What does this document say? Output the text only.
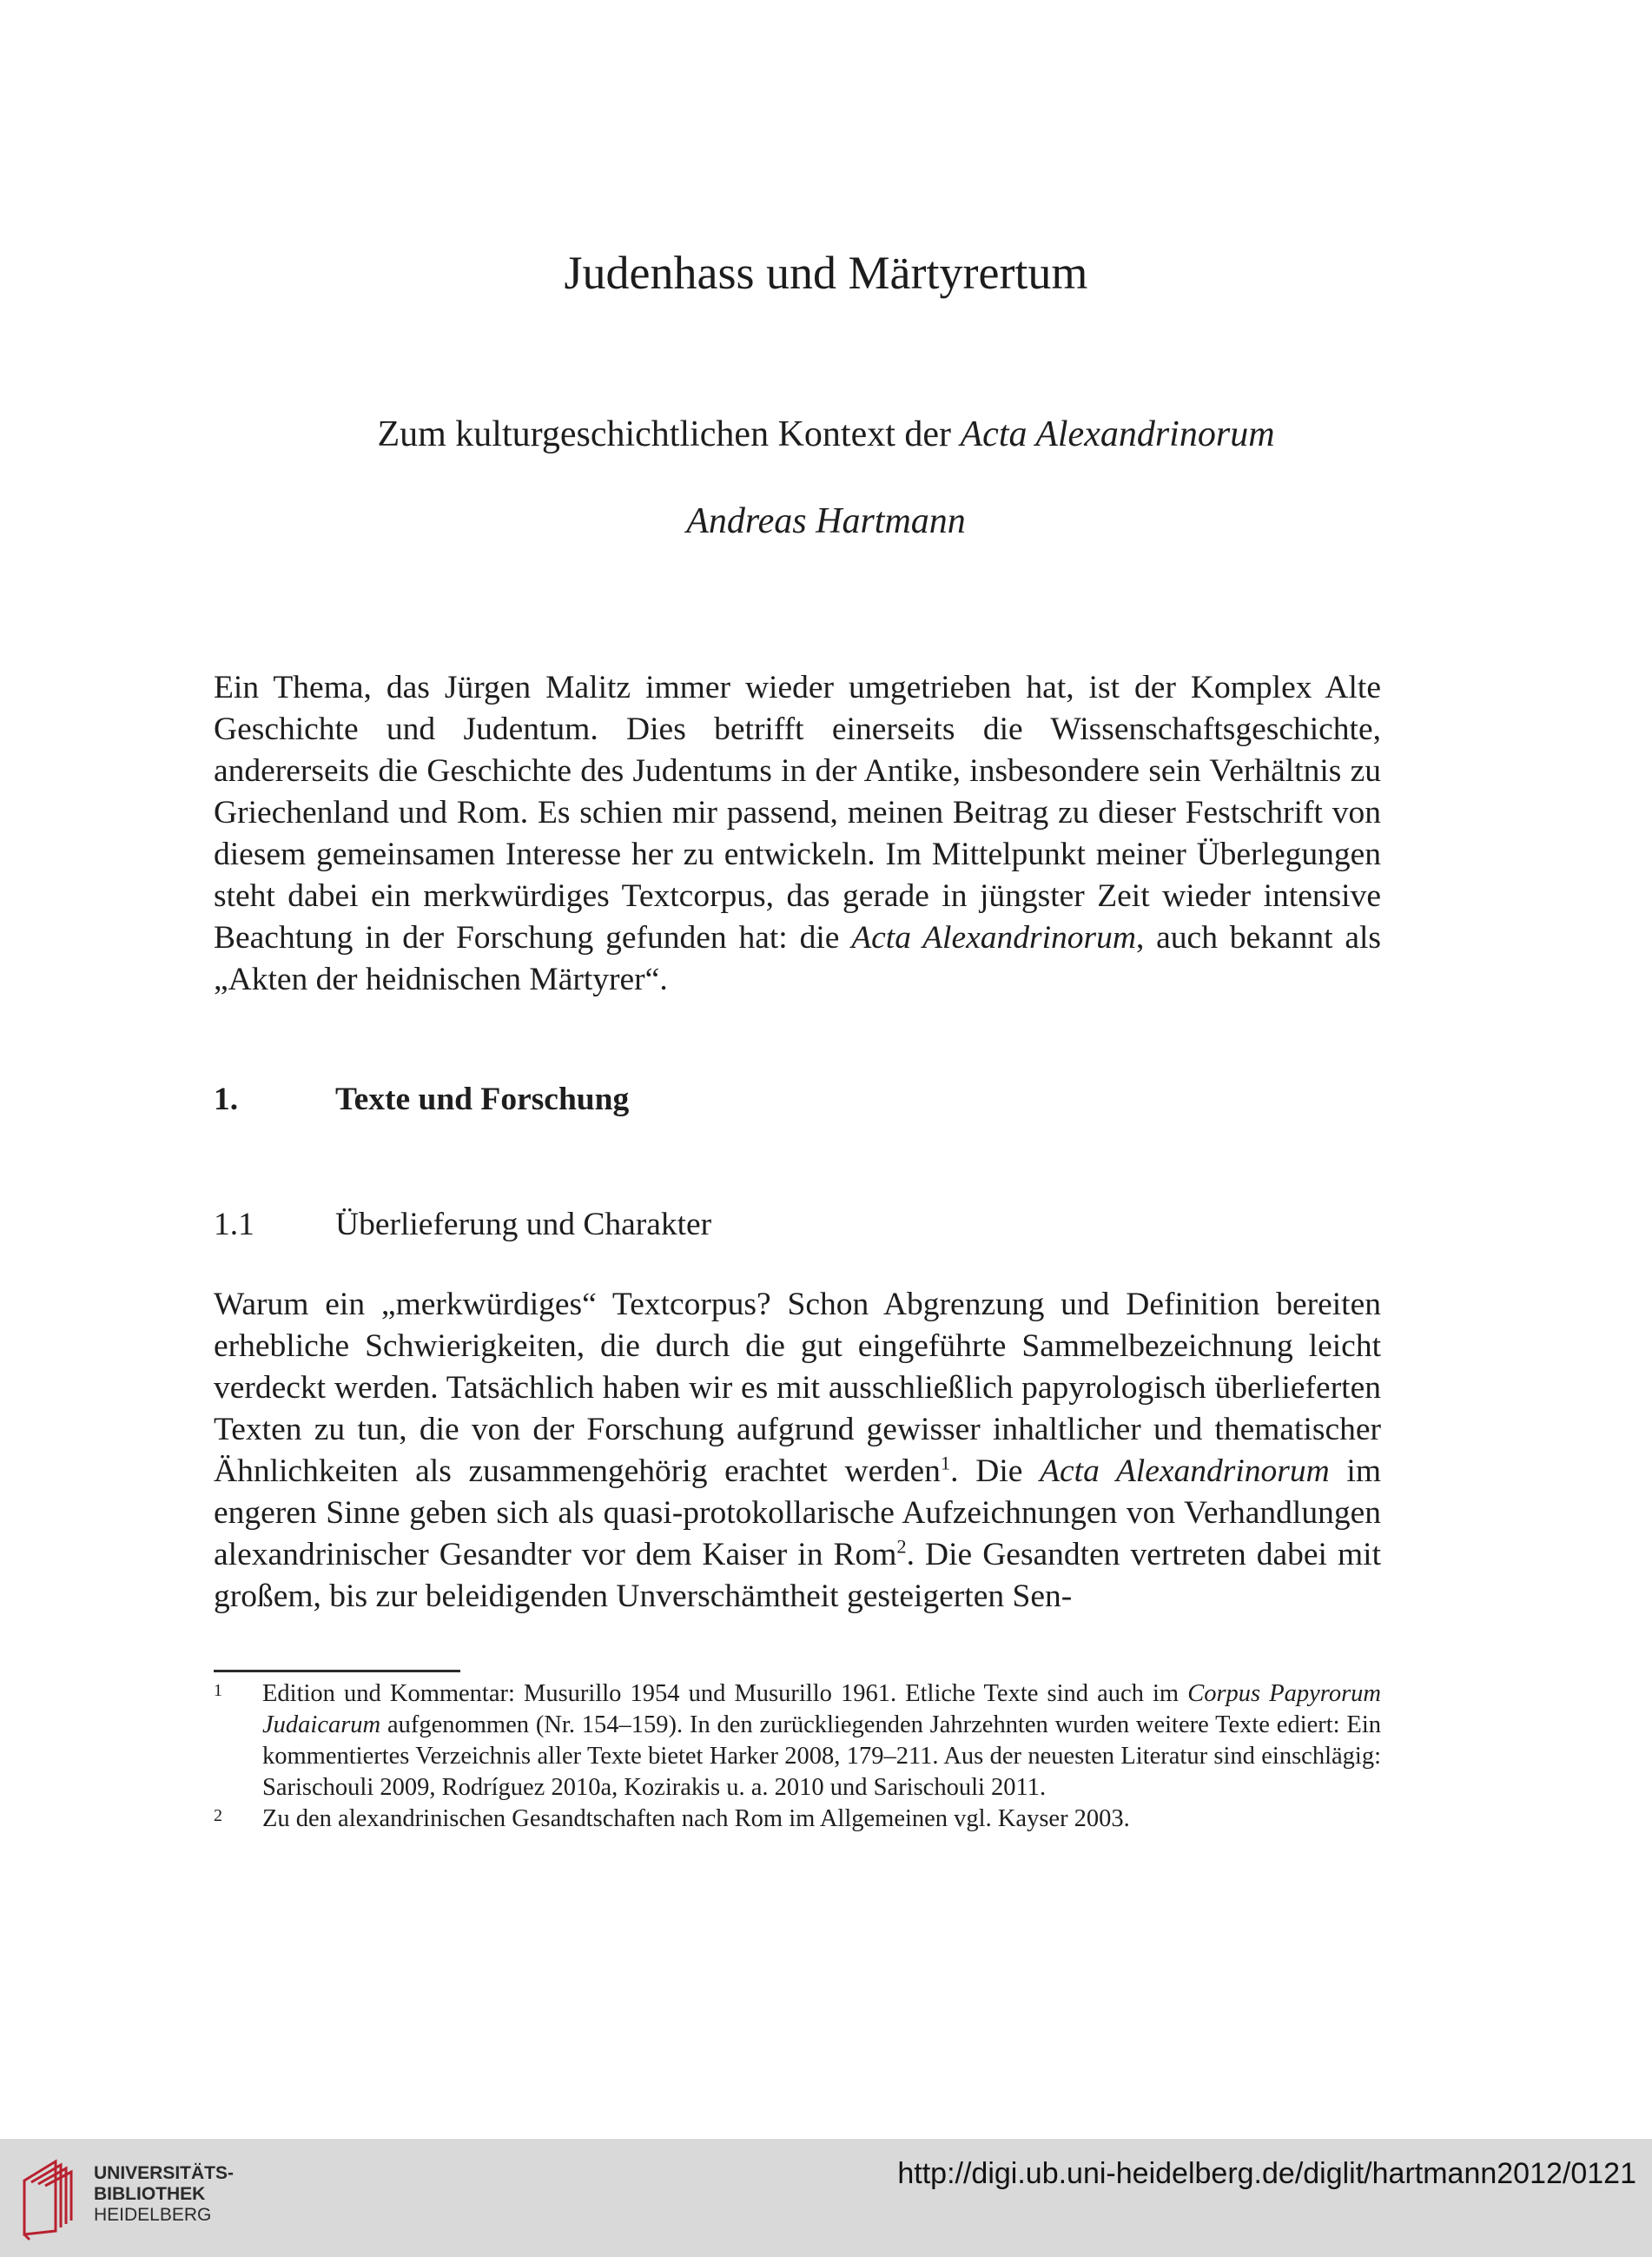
Judenhass und Märtyrertum
Zum kulturgeschichtlichen Kontext der Acta Alexandrinorum
Andreas Hartmann

Ein Thema, das Jürgen Malitz immer wieder umgetrieben hat, ist der Komplex Alte Geschichte und Judentum. Dies betrifft einerseits die Wissenschaftsgeschichte, andererseits die Geschichte des Judentums in der Antike, insbesondere sein Verhältnis zu Griechenland und Rom. Es schien mir passend, meinen Beitrag zu dieser Festschrift von diesem gemeinsamen Interesse her zu entwickeln. Im Mittelpunkt meiner Überlegungen steht dabei ein merkwürdiges Textcorpus, das gerade in jüngster Zeit wieder intensive Beachtung in der Forschung gefunden hat: die Acta Alexandrinorum, auch bekannt als „Akten der heidnischen Märtyrer“.

1.	Texte und Forschung
1.1 Überlieferung und Charakter

Warum ein „merkwürdiges“ Textcorpus? Schon Abgrenzung und Definition bereiten erhebliche Schwierigkeiten, die durch die gut eingeführte Sammelbezeichnung leicht verdeckt werden. Tatsächlich haben wir es mit ausschließlich papyrologisch überlieferten Texten zu tun, die von der Forschung aufgrund gewisser inhaltlicher und thematischer Ähnlichkeiten als zusammengehörig erachtet werden$^1$. Die Acta Alexandrinorum im engeren Sinne geben sich als quasi-protokollarische Aufzeichnungen von Verhandlungen alexandrinischer Gesandter vor dem Kaiser in Rom$^2$. Die Gesandten vertreten dabei mit großem, bis zur beleidigenden Unverschämtheit gesteigerten Sen-

1 Edition und Kommentar: Musurillo 1954 und Musurillo 1961. Etliche Texte sind auch im Corpus Papyrorum Judaicarum aufgenommen (Nr. 154–159). In den zurückliegenden Jahrzehnten wurden weitere Texte ediert: Ein kommentiertes Verzeichnis aller Texte bietet Harker 2008, 179–211. Aus der neuesten Literatur sind einschlägig: Sarischouli 2009, Rodríguez 2010a, Kozirakis u. a. 2010 und Sarischouli 2011.

2 Zu den alexandrinischen Gesandtschaften nach Rom im Allgemeinen vgl. Kayser 2003.

UNIVERSITÄTS-
BIBLIOTHEK
HEIDELBERG
http://digi.ub.uni-heidelberg.de/diglit/hartmann2012/0121
